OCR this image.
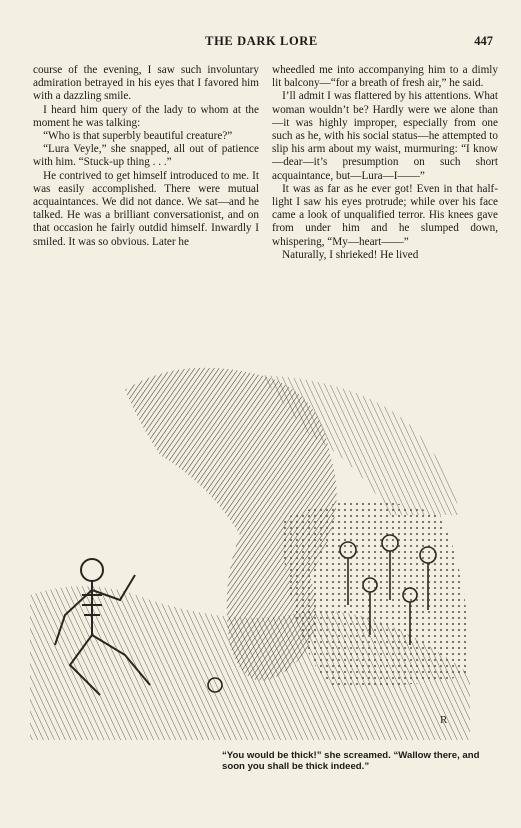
THE DARK LORE	447

course of the evening, I saw such involuntary admiration betrayed in his eyes that I favored him with a dazzling smile.

I heard him query of the lady to whom at the moment he was talking:

“Who is that superbly beautiful creature?”

“Lura Veyle,” she snapped, all out of patience with him. “Stuck-up thing . . .”

He contrived to get himself introduced to me. It was easily accomplished. There were mutual acquaintances. We did not dance. We sat—and he talked. He was a brilliant conversationist, and on that occasion he fairly outdid himself. Inwardly I smiled. It was so obvious. Later he

wheedled me into accompanying him to a dimly lit balcony—“for a breath of fresh air,” he said.

I’ll admit I was flattered by his attentions. What woman wouldn’t be? Hardly were we alone than—it was highly improper, especially from one such as he, with his social status—he attempted to slip his arm about my waist, murmuring: “I know—dear—it’s presumption on such short acquaintance, but—Lura—I——”

It was as far as he ever got! Even in that half-light I saw his eyes protrude; while over his face came a look of unqualified terror. His knees gave from under him and he slumped down, whispering, “My—heart——”

Naturally, I shrieked! He lived

R
“You would be thick!” she screamed. “Wallow there, and soon you shall be thick indeed.”
